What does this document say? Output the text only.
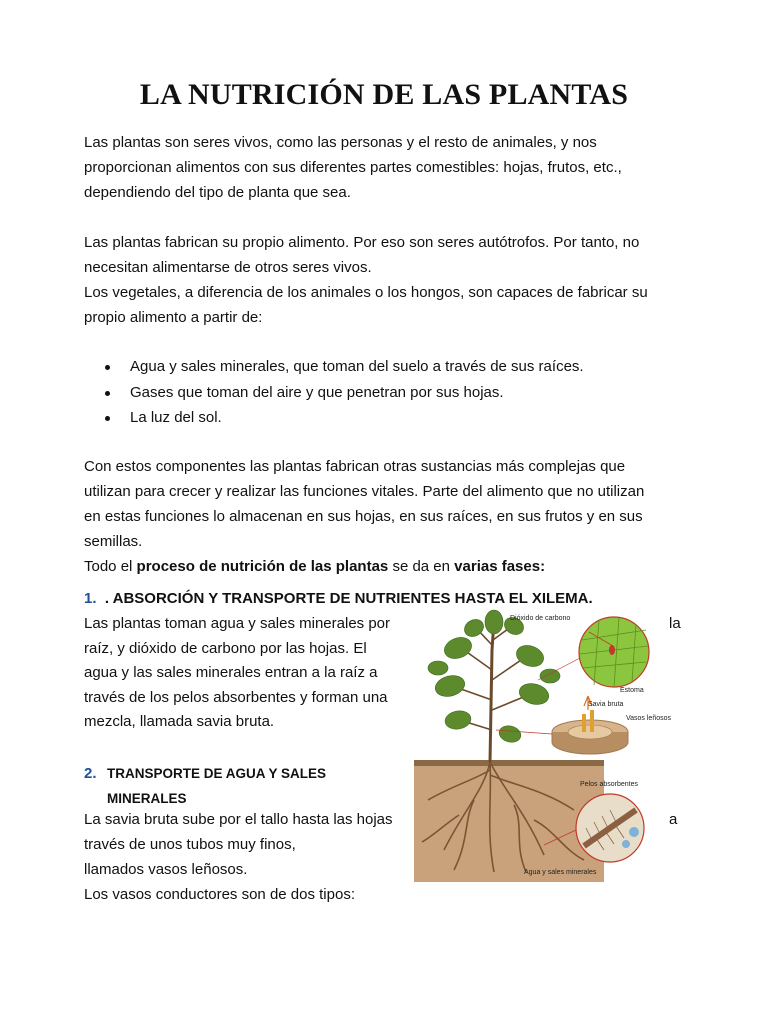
LA NUTRICIÓN DE LAS PLANTAS
Las plantas son seres vivos, como las personas y el resto de animales, y nos
proporcionan alimentos con sus diferentes partes comestibles: hojas, frutos, etc.,
dependiendo del tipo de planta que sea.
Las plantas fabrican su propio alimento. Por eso son seres autótrofos. Por tanto, no
necesitan alimentarse de otros seres vivos.
Los vegetales, a diferencia de los animales o los hongos, son capaces de fabricar su
propio alimento a partir de:
Agua y sales minerales, que toman del suelo a través de sus raíces.
Gases que toman del aire y que penetran por sus hojas.
La luz del sol.
Con estos componentes las plantas fabrican otras sustancias más complejas que
utilizan para crecer y realizar las funciones vitales. Parte del alimento que no utilizan
en estas funciones lo almacenan en sus hojas, en sus raíces, en sus frutos y en sus
semillas.
Todo el proceso de nutrición de las plantas se da en varias fases:
1. . ABSORCIÓN Y TRANSPORTE DE NUTRIENTES HASTA EL XILEMA.
Las plantas toman agua y sales minerales por	la
raíz, y dióxido de carbono por las hojas. El
agua y las sales minerales entran a la raíz a
través de los pelos absorbentes y forman una
mezcla, llamada savia bruta.
2. TRANSPORTE DE AGUA Y SALES MINERALES
La savia bruta sube por el tallo hasta las hojas	a
través de unos tubos muy finos,
llamados vasos leñosos.
Los vasos conductores son de dos tipos:
Dióxido de carbono
Estoma
Savia bruta
Vasos leñosos
Pelos absorbentes
Agua y sales minerales
